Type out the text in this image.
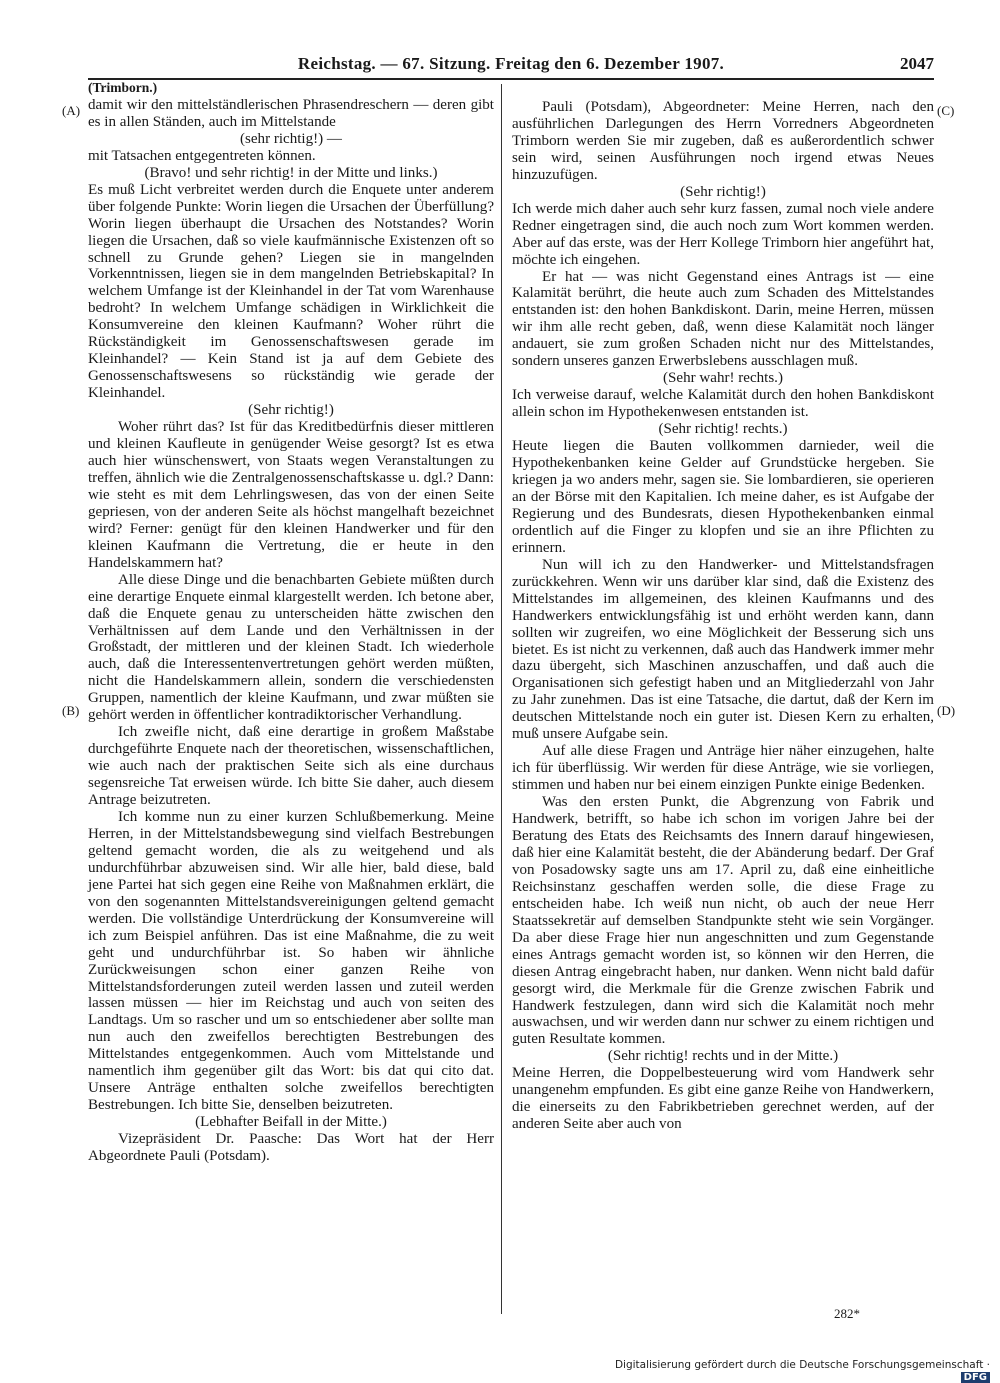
Reichstag. — 67. Sitzung. Freitag den 6. Dezember 1907.	2047
(A)
(B)
(C)
(D)

(Trimborn.)

damit wir den mittelständlerischen Phrasendreschern — deren gibt es in allen Ständen, auch im Mittelstande

(sehr richtig!) —

mit Tatsachen entgegentreten können.

(Bravo! und sehr richtig! in der Mitte und links.)

Es muß Licht verbreitet werden durch die Enquete unter anderem über folgende Punkte: Worin liegen die Ursachen der Überfüllung? Worin liegen überhaupt die Ursachen des Notstandes? Worin liegen die Ursachen, daß so viele kaufmännische Existenzen oft so schnell zu Grunde gehen? Liegen sie in mangelnden Vorkenntnissen, liegen sie in dem mangelnden Betriebskapital? In welchem Umfange ist der Kleinhandel in der Tat vom Warenhause bedroht? In welchem Umfange schädigen in Wirklichkeit die Konsumvereine den kleinen Kaufmann? Woher rührt die Rückständigkeit im Genossenschaftswesen gerade im Kleinhandel? — Kein Stand ist ja auf dem Gebiete des Genossenschaftswesens so rückständig wie gerade der Kleinhandel.

(Sehr richtig!)

Woher rührt das? Ist für das Kreditbedürfnis dieser mittleren und kleinen Kaufleute in genügender Weise gesorgt? Ist es etwa auch hier wünschenswert, von Staats wegen Veranstaltungen zu treffen, ähnlich wie die Zentralgenossenschaftskasse u. dgl.? Dann: wie steht es mit dem Lehrlingswesen, das von der einen Seite gepriesen, von der anderen Seite als höchst mangelhaft bezeichnet wird? Ferner: genügt für den kleinen Handwerker und für den kleinen Kaufmann die Vertretung, die er heute in den Handelskammern hat?

Alle diese Dinge und die benachbarten Gebiete müßten durch eine derartige Enquete einmal klargestellt werden. Ich betone aber, daß die Enquete genau zu unterscheiden hätte zwischen den Verhältnissen auf dem Lande und den Verhältnissen in der Großstadt, der mittleren und der kleinen Stadt. Ich wiederhole auch, daß die Interessentenvertretungen gehört werden müßten, nicht die Handelskammern allein, sondern die verschiedensten Gruppen, namentlich der kleine Kaufmann, und zwar müßten sie gehört werden in öffentlicher kontradiktorischer Verhandlung.

Ich zweifle nicht, daß eine derartige in großem Maßstabe durchgeführte Enquete nach der theoretischen, wissenschaftlichen, wie auch nach der praktischen Seite sich als eine durchaus segensreiche Tat erweisen würde. Ich bitte Sie daher, auch diesem Antrage beizutreten.

Ich komme nun zu einer kurzen Schlußbemerkung. Meine Herren, in der Mittelstandsbewegung sind vielfach Bestrebungen geltend gemacht worden, die als zu weitgehend und als undurchführbar abzuweisen sind. Wir alle hier, bald diese, bald jene Partei hat sich gegen eine Reihe von Maßnahmen erklärt, die von den sogenannten Mittelstandsvereinigungen geltend gemacht werden. Die vollständige Unterdrückung der Konsumvereine will ich zum Beispiel anführen. Das ist eine Maßnahme, die zu weit geht und undurchführbar ist. So haben wir ähnliche Zurückweisungen schon einer ganzen Reihe von Mittelstandsforderungen zuteil werden lassen und zuteil werden lassen müssen — hier im Reichstag und auch von seiten des Landtags. Um so rascher und um so entschiedener aber sollte man nun auch den zweifellos berechtigten Bestrebungen des Mittelstandes entgegenkommen. Auch vom Mittelstande und namentlich ihm gegenüber gilt das Wort: bis dat qui cito dat. Unsere Anträge enthalten solche zweifellos berechtigten Bestrebungen. Ich bitte Sie, denselben beizutreten.

(Lebhafter Beifall in der Mitte.)

Vizepräsident Dr. Paasche: Das Wort hat der Herr Abgeordnete Pauli (Potsdam).

Pauli (Potsdam), Abgeordneter: Meine Herren, nach den ausführlichen Darlegungen des Herrn Vorredners Abgeordneten Trimborn werden Sie mir zugeben, daß es außerordentlich schwer sein wird, seinen Ausführungen noch irgend etwas Neues hinzuzufügen.

(Sehr richtig!)

Ich werde mich daher auch sehr kurz fassen, zumal noch viele andere Redner eingetragen sind, die auch noch zum Wort kommen werden. Aber auf das erste, was der Herr Kollege Trimborn hier angeführt hat, möchte ich eingehen.

Er hat — was nicht Gegenstand eines Antrags ist — eine Kalamität berührt, die heute auch zum Schaden des Mittelstandes entstanden ist: den hohen Bankdiskont. Darin, meine Herren, müssen wir ihm alle recht geben, daß, wenn diese Kalamität noch länger andauert, sie zum großen Schaden nicht nur des Mittelstandes, sondern unseres ganzen Erwerbslebens ausschlagen muß.

(Sehr wahr! rechts.)

Ich verweise darauf, welche Kalamität durch den hohen Bankdiskont allein schon im Hypothekenwesen entstanden ist.

(Sehr richtig! rechts.)

Heute liegen die Bauten vollkommen darnieder, weil die Hypothekenbanken keine Gelder auf Grundstücke hergeben. Sie kriegen ja wo anders mehr, sagen sie. Sie lombardieren, sie operieren an der Börse mit den Kapitalien. Ich meine daher, es ist Aufgabe der Regierung und des Bundesrats, diesen Hypothekenbanken einmal ordentlich auf die Finger zu klopfen und sie an ihre Pflichten zu erinnern.

Nun will ich zu den Handwerker- und Mittelstandsfragen zurückkehren. Wenn wir uns darüber klar sind, daß die Existenz des Mittelstandes im allgemeinen, des kleinen Kaufmanns und des Handwerkers entwicklungsfähig ist und erhöht werden kann, dann sollten wir zugreifen, wo eine Möglichkeit der Besserung sich uns bietet. Es ist nicht zu verkennen, daß auch das Handwerk immer mehr dazu übergeht, sich Maschinen anzuschaffen, und daß auch die Organisationen sich gefestigt haben und an Mitgliederzahl von Jahr zu Jahr zunehmen. Das ist eine Tatsache, die dartut, daß der Kern im deutschen Mittelstande noch ein guter ist. Diesen Kern zu erhalten, muß unsere Aufgabe sein.

Auf alle diese Fragen und Anträge hier näher einzugehen, halte ich für überflüssig. Wir werden für diese Anträge, wie sie vorliegen, stimmen und haben nur bei einem einzigen Punkte einige Bedenken.

Was den ersten Punkt, die Abgrenzung von Fabrik und Handwerk, betrifft, so habe ich schon im vorigen Jahre bei der Beratung des Etats des Reichsamts des Innern darauf hingewiesen, daß hier eine Kalamität besteht, die der Abänderung bedarf. Der Graf von Posadowsky sagte uns am 17. April zu, daß eine einheitliche Reichsinstanz geschaffen werden solle, die diese Frage zu entscheiden habe. Ich weiß nun nicht, ob auch der neue Herr Staatssekretär auf demselben Standpunkte steht wie sein Vorgänger. Da aber diese Frage hier nun angeschnitten und zum Gegenstande eines Antrags gemacht worden ist, so können wir den Herren, die diesen Antrag eingebracht haben, nur danken. Wenn nicht bald dafür gesorgt wird, die Merkmale für die Grenze zwischen Fabrik und Handwerk festzulegen, dann wird sich die Kalamität noch mehr auswachsen, und wir werden dann nur schwer zu einem richtigen und guten Resultate kommen.

(Sehr richtig! rechts und in der Mitte.)

Meine Herren, die Doppelbesteuerung wird vom Handwerk sehr unangenehm empfunden. Es gibt eine ganze Reihe von Handwerkern, die einerseits zu den Fabrikbetrieben gerechnet werden, auf der anderen Seite aber auch von

282*
Digitalisierung gefördert durch die Deutsche Forschungsgemeinschaft ·DFG
